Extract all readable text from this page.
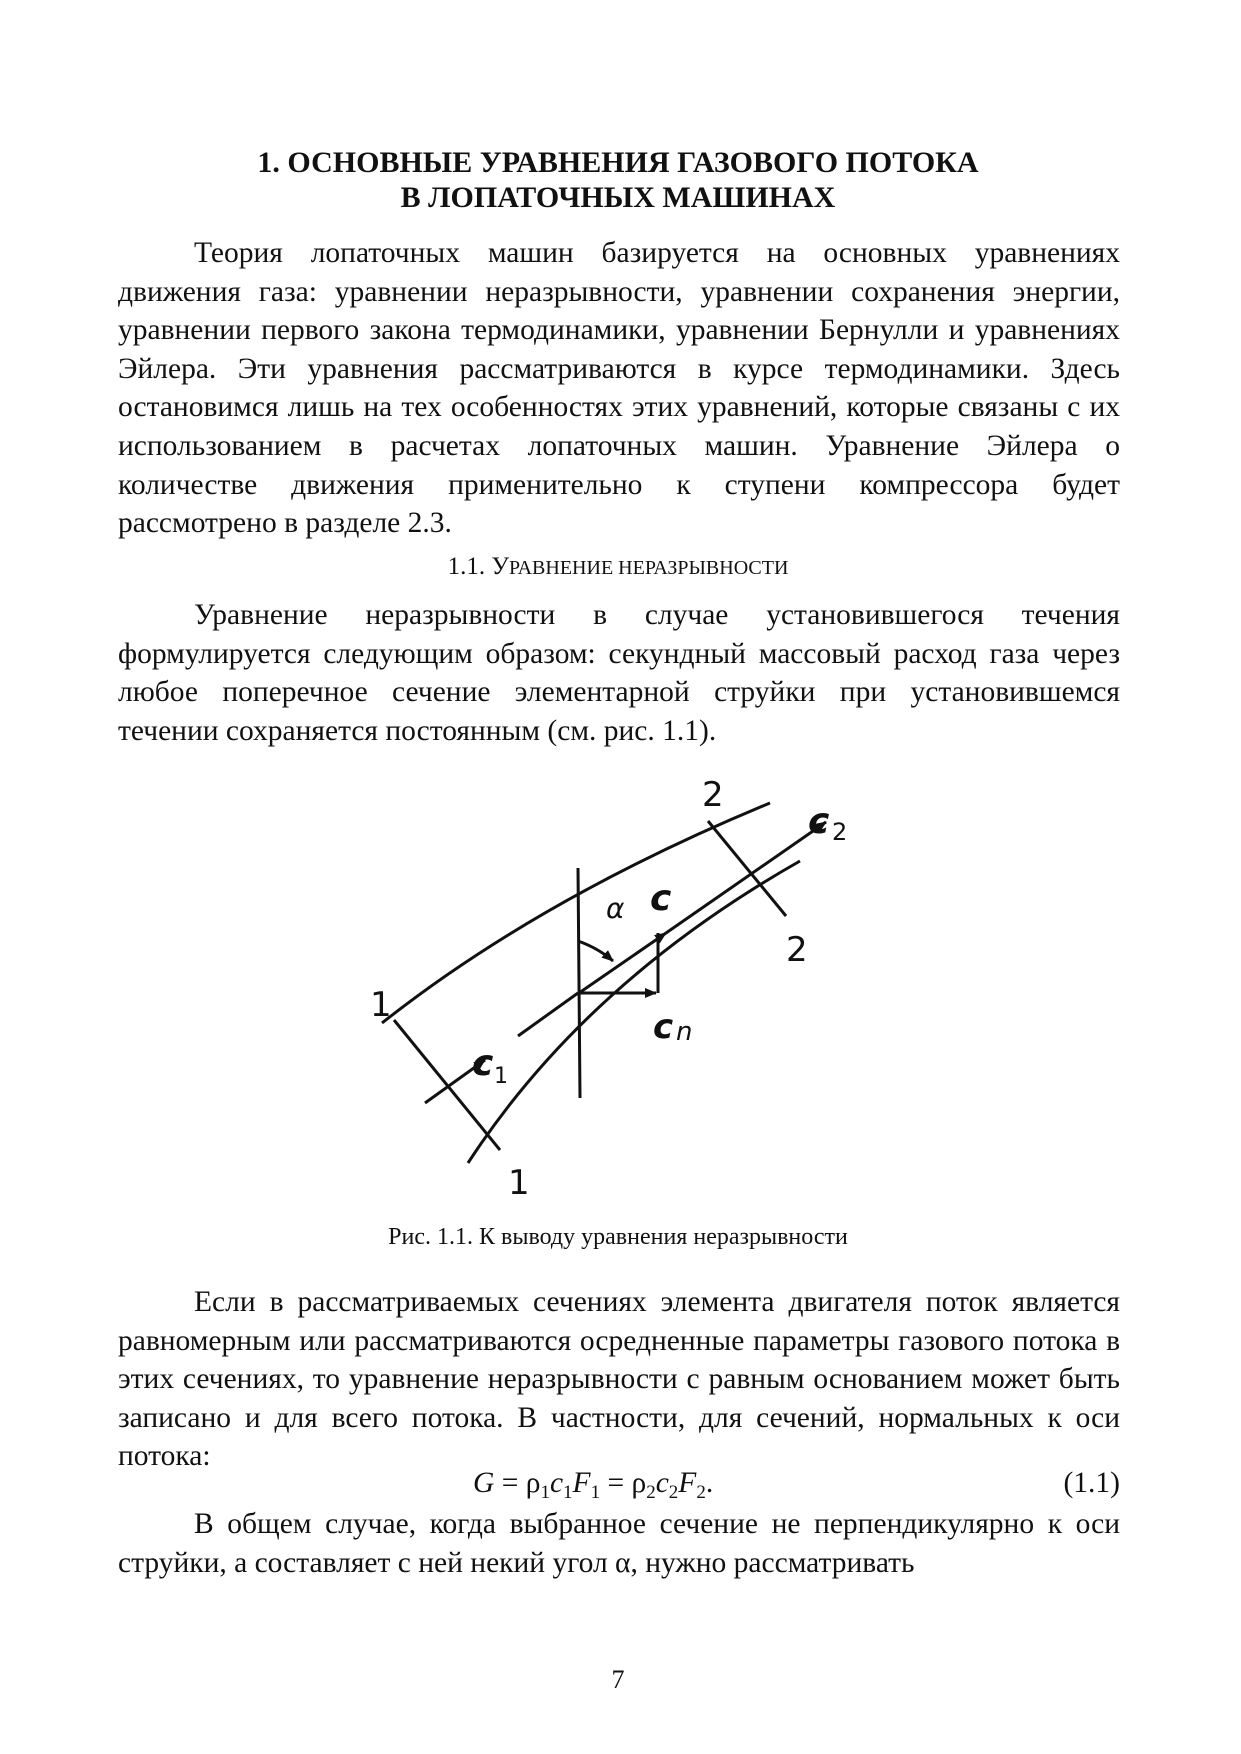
1. ОСНОВНЫЕ УРАВНЕНИЯ ГАЗОВОГО ПОТОКА
В ЛОПАТОЧНЫХ МАШИНАХ

Теория лопаточных машин базируется на основных уравнениях движения газа: уравнении неразрывности, уравнении сохранения энергии, уравнении первого закона термодинамики, уравнении Бернулли и уравнениях Эйлера. Эти уравнения рассматриваются в курсе термодинамики. Здесь остановимся лишь на тех особенностях этих уравнений, которые связаны с их использованием в расчетах лопаточных машин. Уравнение Эйлера о количестве движения применительно к ступени компрессора будет рассмотрено в разделе 2.3.

1.1. УРАВНЕНИЕ НЕРАЗРЫВНОСТИ

Уравнение неразрывности в случае установившегося течения формулируется следующим образом: секундный массовый расход газа через любое поперечное сечение элементарной струйки при установившемся течении сохраняется постоянным (см. рис. 1.1).

2
2
1
1
c 2
c 1
c
c n
α

Рис. 1.1. К выводу уравнения неразрывности

Если в рассматриваемых сечениях элемента двигателя поток является равномерным или рассматриваются осредненные параметры газового потока в этих сечениях, то уравнение неразрывности с равным основанием может быть записано и для всего потока. В частности, для сечений, нормальных к оси потока:

$G = \rho_1c_1F_1 = \rho_2c_2F_2$.	(1.1)

В общем случае, когда выбранное сечение не перпендикулярно к оси струйки, а составляет с ней некий угол α, нужно рассматривать

7
